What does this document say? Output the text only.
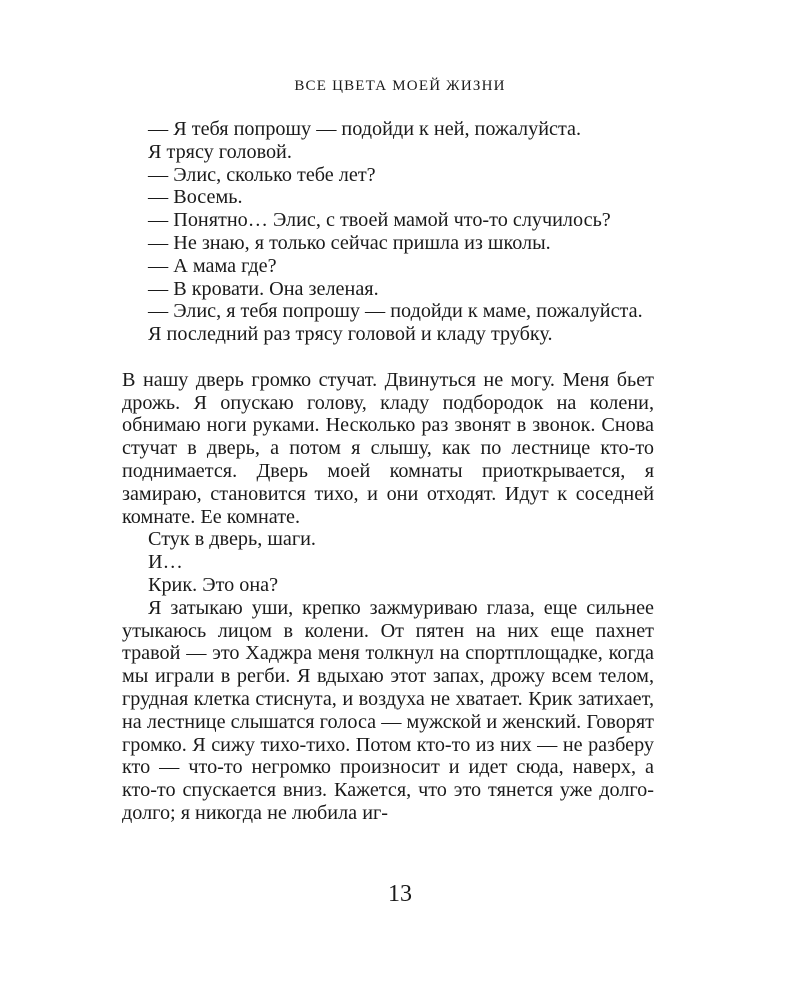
ВСЕ ЦВЕТА МОЕЙ ЖИЗНИ

— Я тебя попрошу — подойди к ней, пожалуйста.

Я трясу головой.

— Элис, сколько тебе лет?

— Восемь.

— Понятно… Элис, с твоей мамой что-то случилось?

— Не знаю, я только сейчас пришла из школы.

— А мама где?

— В кровати. Она зеленая.

— Элис, я тебя попрошу — подойди к маме, пожалуйста.

Я последний раз трясу головой и кладу трубку.

В нашу дверь громко стучат. Двинуться не могу. Меня бьет дрожь. Я опускаю голову, кладу подбородок на колени, обнимаю ноги руками. Несколько раз звонят в звонок. Снова стучат в дверь, а потом я слышу, как по лестнице кто-то поднимается. Дверь моей комнаты приоткрывается, я замираю, становится тихо, и они отходят. Идут к соседней комнате. Ее комнате.

Стук в дверь, шаги.

И…

Крик. Это она?

Я затыкаю уши, крепко зажмуриваю глаза, еще сильнее утыкаюсь лицом в колени. От пятен на них еще пахнет травой — это Хаджра меня толкнул на спортплощадке, когда мы играли в регби. Я вдыхаю этот запах, дрожу всем телом, грудная клетка стиснута, и воздуха не хватает. Крик затихает, на лестнице слышатся голоса — мужской и женский. Говорят громко. Я сижу тихо-тихо. Потом кто-то из них — не разберу кто — что-то негромко произносит и идет сюда, наверх, а кто-то спускается вниз. Кажется, что это тянется уже долго-долго; я никогда не любила иг-

13
